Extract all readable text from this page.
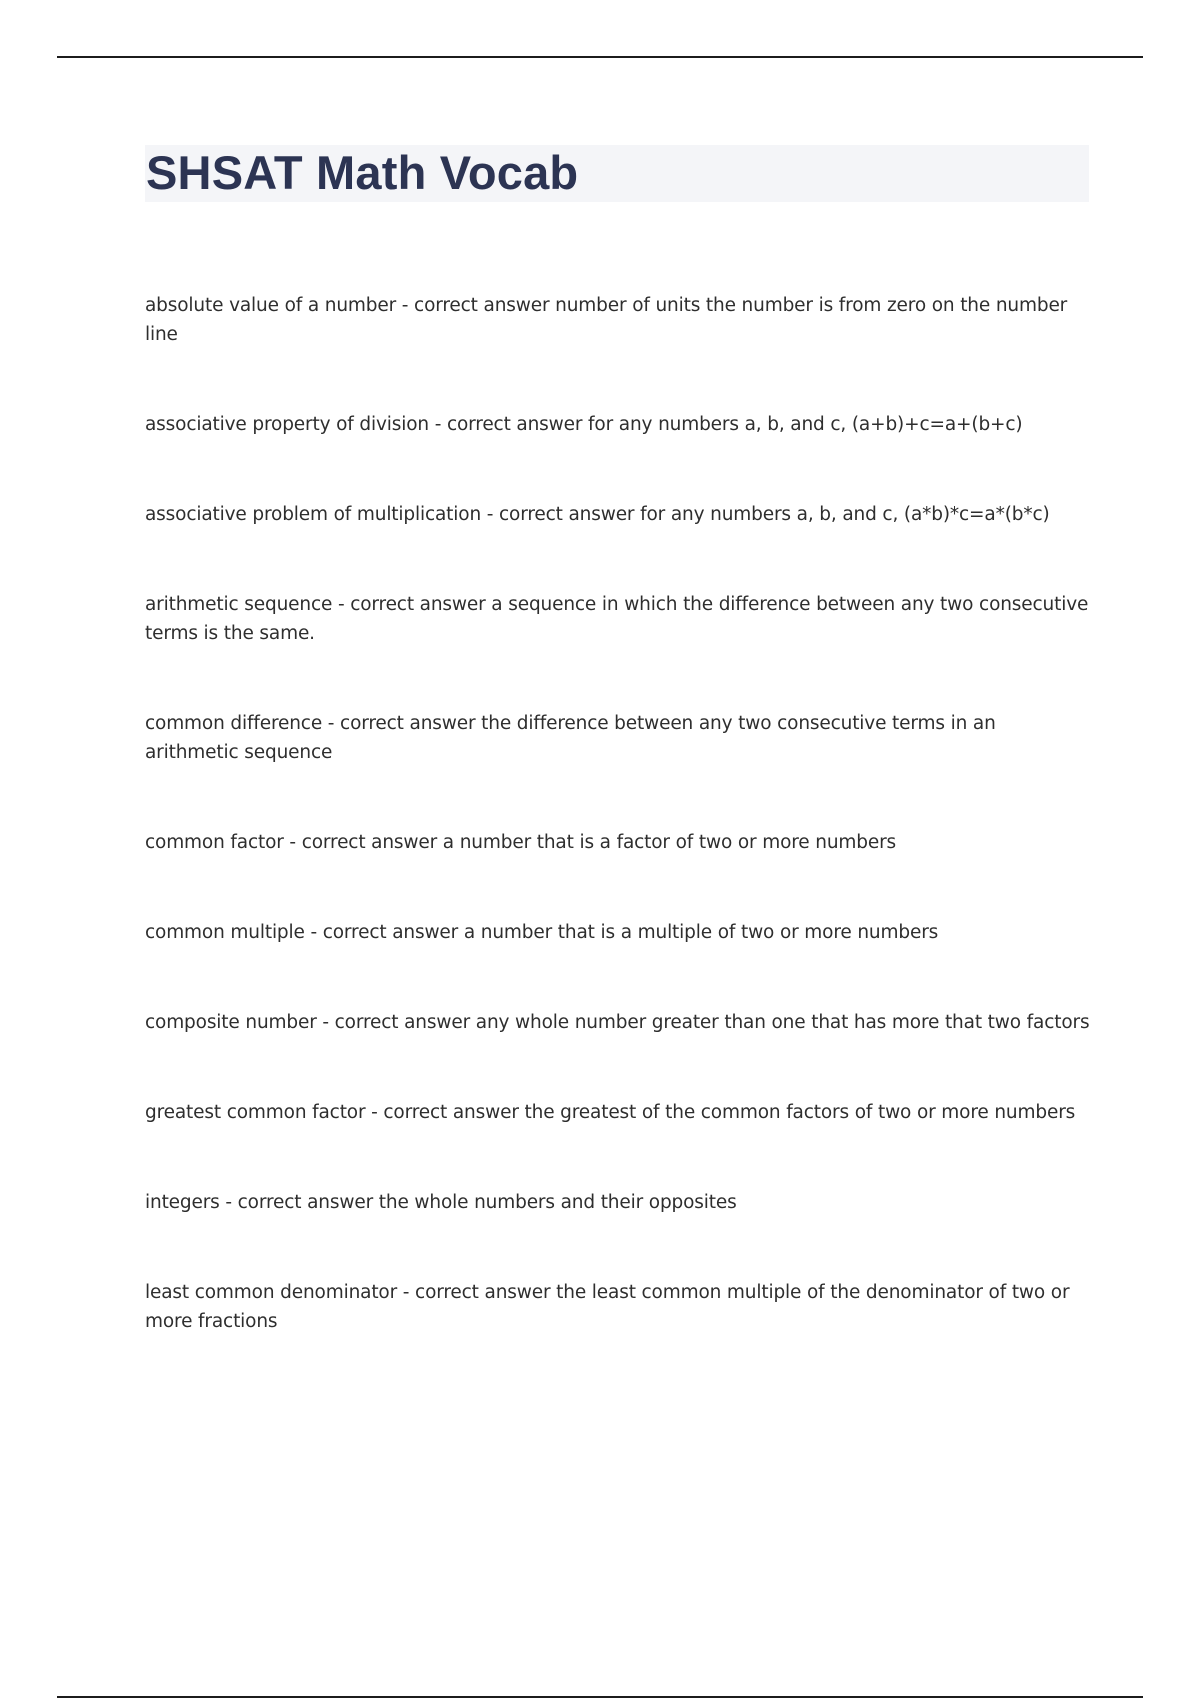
SHSAT Math Vocab
absolute value of a number - correct answer number of units the number is from zero on the number line
associative property of division - correct answer for any numbers a, b, and c, (a+b)+c=a+(b+c)
associative problem of multiplication - correct answer for any numbers a, b, and c, (a*b)*c=a*(b*c)
arithmetic sequence - correct answer a sequence in which the difference between any two consecutive terms is the same.
common difference - correct answer the difference between any two consecutive terms in an arithmetic sequence
common factor - correct answer a number that is a factor of two or more numbers
common multiple - correct answer a number that is a multiple of two or more numbers
composite number - correct answer any whole number greater than one that has more that two factors
greatest common factor - correct answer the greatest of the common factors of two or more numbers
integers - correct answer the whole numbers and their opposites
least common denominator - correct answer the least common multiple of the denominator of two or more fractions
